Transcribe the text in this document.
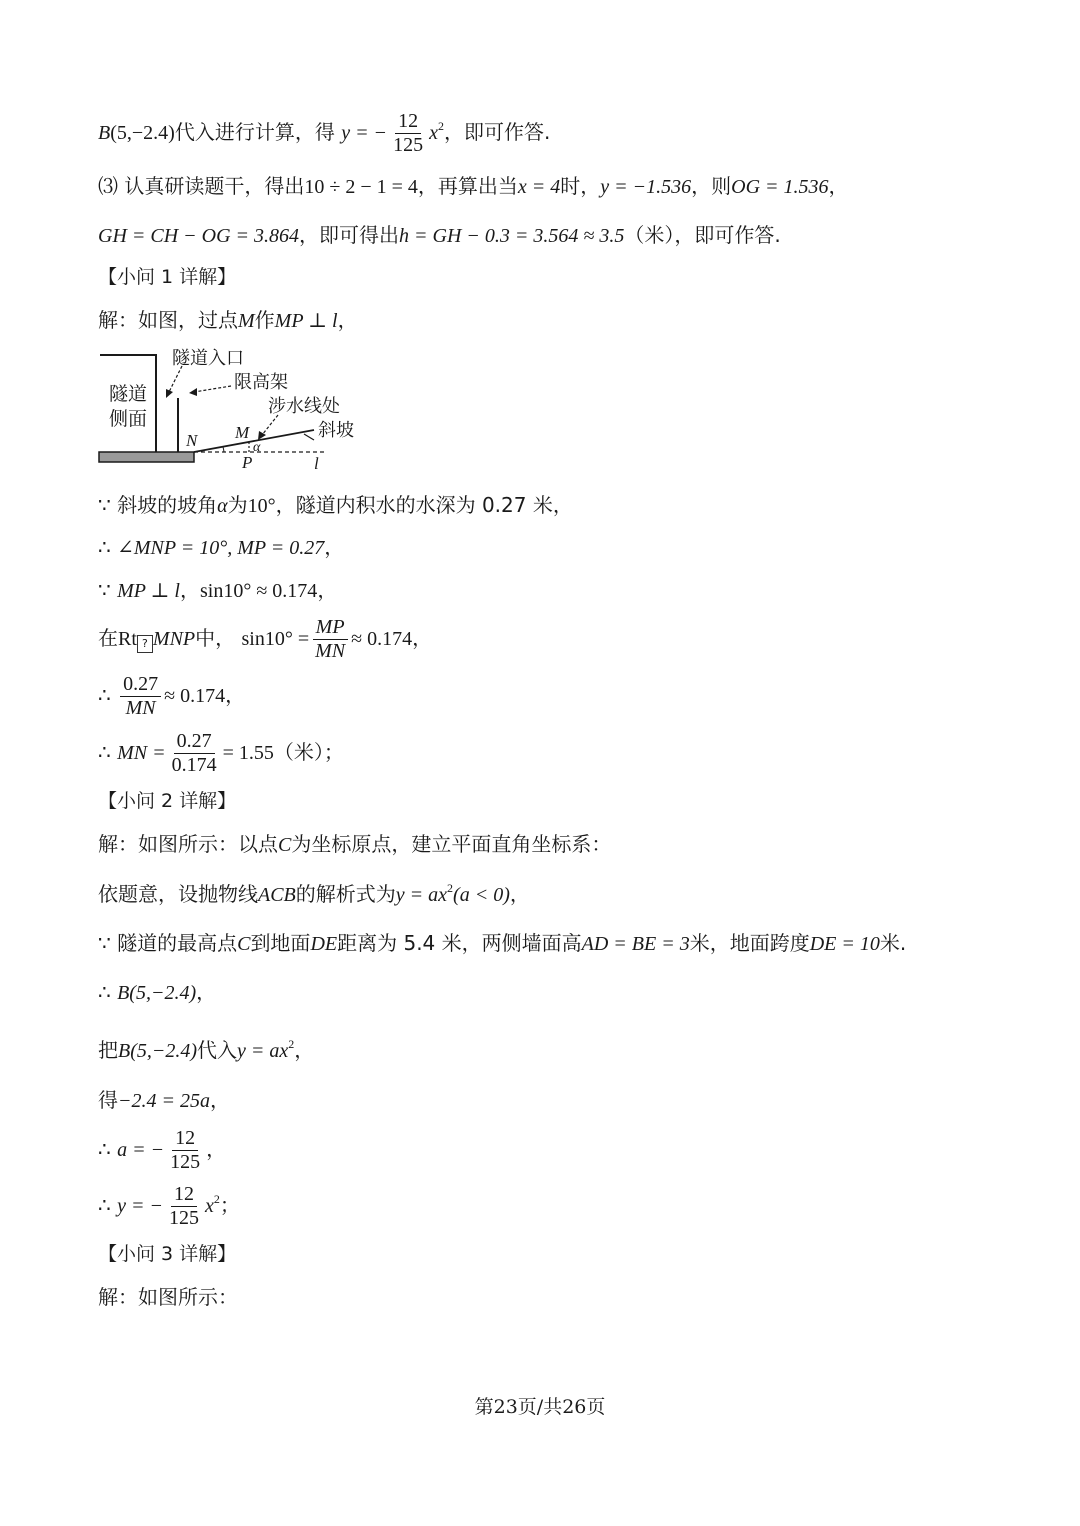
B(5,−2.4)代入进行计算，得 y = − $\frac{12}{125} x^2$，即可作答.
⑶ 认真研读题干，得出10 ÷ 2 − 1 = 4，再算出当x = 4时，y = −1.536，则OG = 1.536，
GH = CH − OG = 3.864，即可得出h = GH − 0.3 = 3.564 ≈ 3.5（米），即可作答.
【小问 1 详解】
解：如图，过点M作MP ⊥ l，
隧道
侧面
隧道入口
限高架
涉水线处
斜坡
N M
α
P	l
∵ 斜坡的坡角α为10°，隧道内积水的水深为 0.27 米，
∴ ∠MNP = 10°, MP = 0.27，
∵ MP ⊥ l，sin10° ≈ 0.174，
在Rt ? MNP中， $\sin 10^\circ = \frac{MP}{MN} \approx 0.174$，
∴ $\frac{0.27}{MN} \approx 0.174$，
∴ MN = $\frac{0.27}{0.174} = 1.55$（米）；
【小问 2 详解】
解：如图所示：以点C为坐标原点，建立平面直角坐标系：
依题意，设抛物线ACB的解析式为$y = ax^2(a < 0)$，
∵ 隧道的最高点C到地面DE距离为 5.4 米，两侧墙面高AD = BE = 3米，地面跨度DE = 10米.
∴ B(5,−2.4)，
把B(5,−2.4)代入$y = ax^2$，
得−2.4 = 25a，
∴ a = − $\frac{12}{125}$ ，
∴ y = − $\frac{12}{125} x^2$；
【小问 3 详解】
解：如图所示：
第23页/共26页
